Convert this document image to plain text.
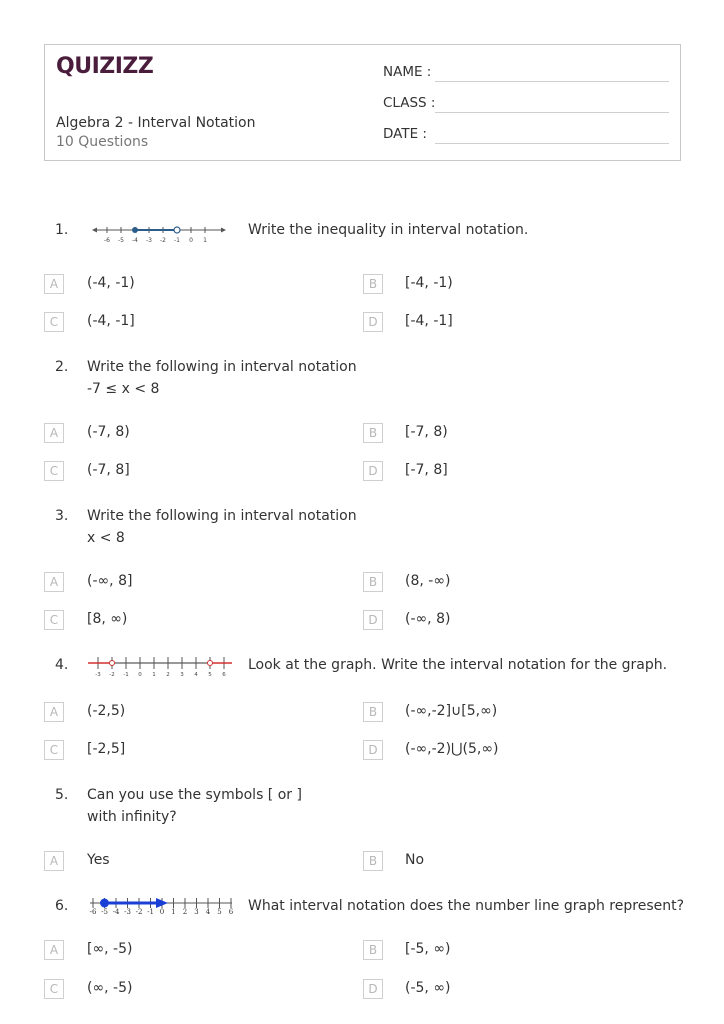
QUIZIZZ
Algebra 2 - Interval Notation
10 Questions
NAME :
CLASS :
DATE :
1.
-6 -5 -4 -3 -2 -1 0 1
Write the inequality in interval notation.
A	(-4, -1)	B	[-4, -1)
C	(-4, -1]	D	[-4, -1]
2. Write the following in interval notation
-7 ≤ x < 8
A	(-7, 8)	B	[-7, 8)
C	(-7, 8]	D	[-7, 8]
3. Write the following in interval notation
x < 8
A	(-∞, 8]	B	(8, -∞)
C	[8, ∞)	D	(-∞, 8)
4.
-3 -2 -1 0 1 2 3 4 5 6
Look at the graph. Write the interval notation for the graph.
A	(-2,5)	B	(-∞,-2]∪[5,∞)
C	[-2,5]	D	(-∞,-2)⋃(5,∞)
5. Can you use the symbols [ or ]
with infinity?
A	Yes	B	No
6.	-6 -5 -4 -3 -2 -1 0 1 2 3 4 5 6 What interval notation does the number line graph represent?
A	[∞, -5)	B	[-5, ∞)
C	(∞, -5)	D	(-5, ∞)
